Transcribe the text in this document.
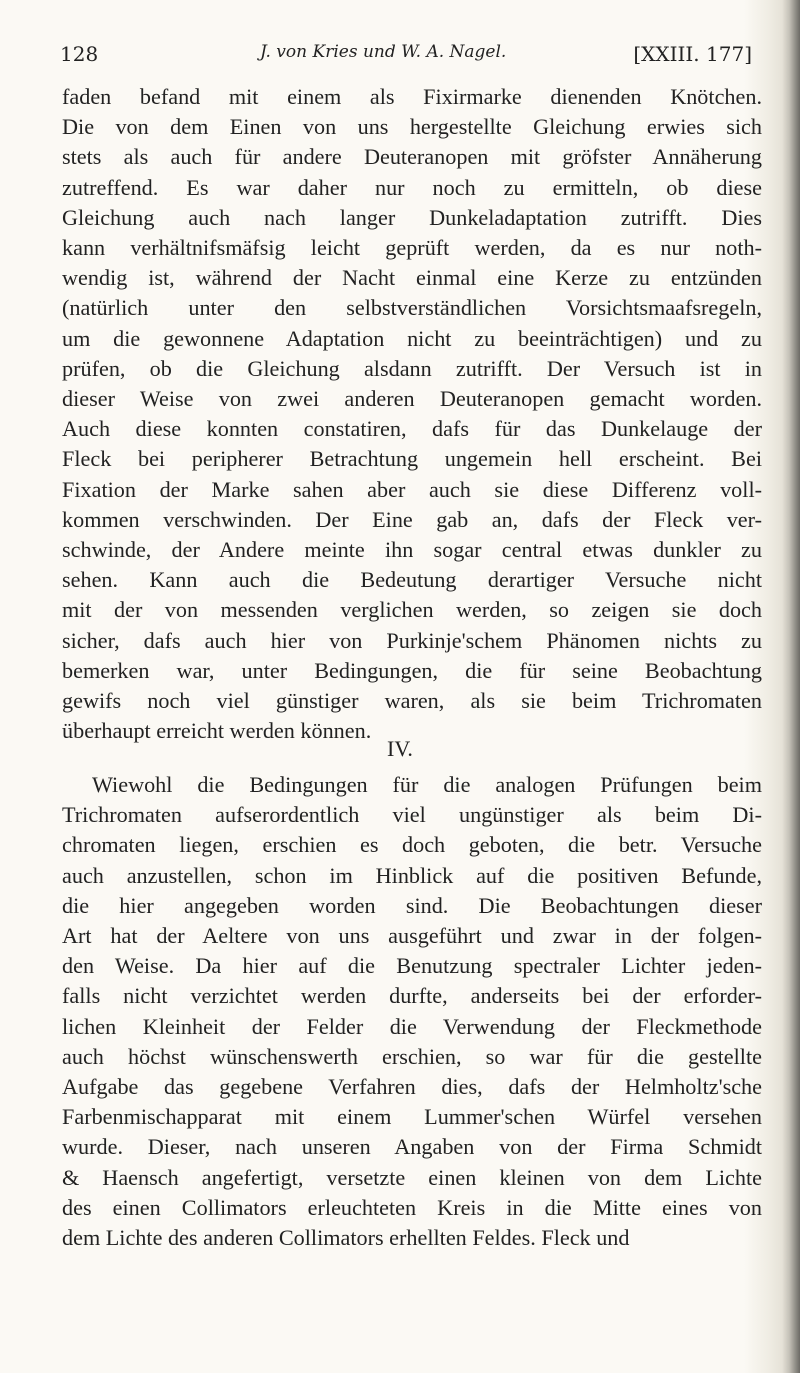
128	J. von Kries und W. A. Nagel.	[XXIII. 177]
faden befand mit einem als Fixirmarke dienenden Knötchen.
Die von dem Einen von uns hergestellte Gleichung erwies sich
stets als auch für andere Deuteranopen mit gröfster Annäherung
zutreffend. Es war daher nur noch zu ermitteln, ob diese
Gleichung auch nach langer Dunkeladaptation zutrifft. Dies
kann verhältnifsmäfsig leicht geprüft werden, da es nur noth-
wendig ist, während der Nacht einmal eine Kerze zu entzünden
(natürlich unter den selbstverständlichen Vorsichtsmaafsregeln,
um die gewonnene Adaptation nicht zu beeinträchtigen) und zu
prüfen, ob die Gleichung alsdann zutrifft. Der Versuch ist in
dieser Weise von zwei anderen Deuteranopen gemacht worden.
Auch diese konnten constatiren, dafs für das Dunkelauge der
Fleck bei peripherer Betrachtung ungemein hell erscheint. Bei
Fixation der Marke sahen aber auch sie diese Differenz voll-
kommen verschwinden. Der Eine gab an, dafs der Fleck ver-
schwinde, der Andere meinte ihn sogar central etwas dunkler zu
sehen. Kann auch die Bedeutung derartiger Versuche nicht
mit der von messenden verglichen werden, so zeigen sie doch
sicher, dafs auch hier von Purkinje'schem Phänomen nichts zu
bemerken war, unter Bedingungen, die für seine Beobachtung
gewifs noch viel günstiger waren, als sie beim Trichromaten
überhaupt erreicht werden können.
IV.
Wiewohl die Bedingungen für die analogen Prüfungen beim
Trichromaten aufserordentlich viel ungünstiger als beim Di-
chromaten liegen, erschien es doch geboten, die betr. Versuche
auch anzustellen, schon im Hinblick auf die positiven Befunde,
die hier angegeben worden sind. Die Beobachtungen dieser
Art hat der Aeltere von uns ausgeführt und zwar in der folgen-
den Weise. Da hier auf die Benutzung spectraler Lichter jeden-
falls nicht verzichtet werden durfte, anderseits bei der erforder-
lichen Kleinheit der Felder die Verwendung der Fleckmethode
auch höchst wünschenswerth erschien, so war für die gestellte
Aufgabe das gegebene Verfahren dies, dafs der Helmholtz'sche
Farbenmischapparat mit einem Lummer'schen Würfel versehen
wurde. Dieser, nach unseren Angaben von der Firma Schmidt
& Haensch angefertigt, versetzte einen kleinen von dem Lichte
des einen Collimators erleuchteten Kreis in die Mitte eines von
dem Lichte des anderen Collimators erhellten Feldes. Fleck und
